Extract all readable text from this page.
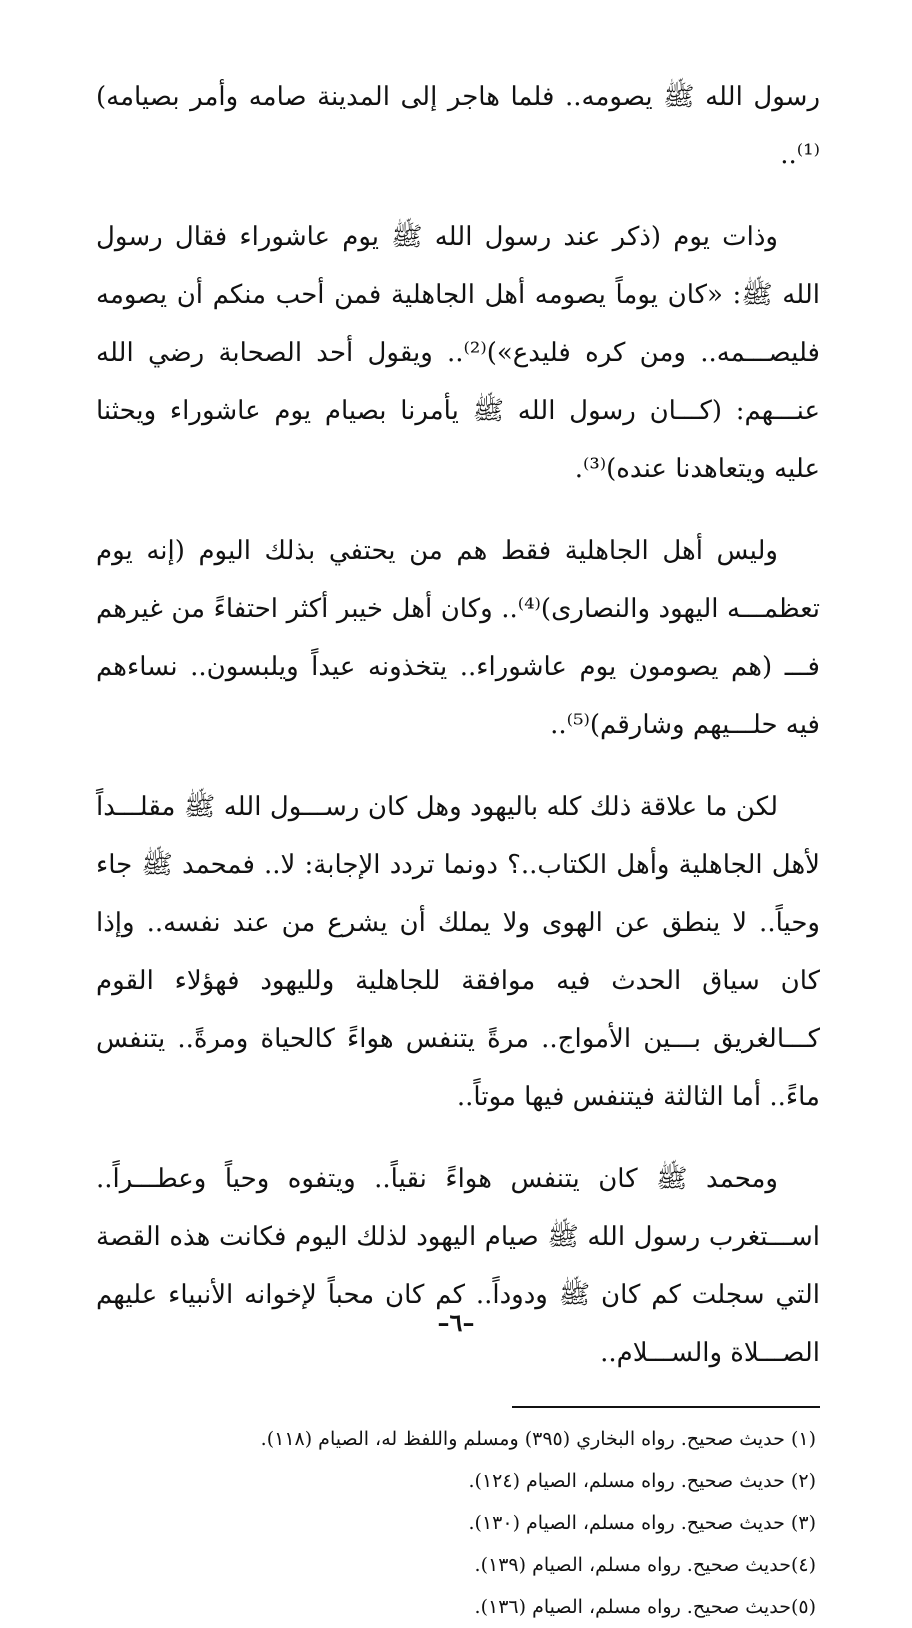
رسول الله ﷺ يصومه.. فلما هاجر إلى المدينة صامه وأمر بصيامه)⁽¹⁾..

وذات يوم (ذكر عند رسول الله ﷺ يوم عاشوراء فقال رسول الله ﷺ: «كان يوماً يصومه أهل الجاهلية فمن أحب منكم أن يصومه فليصـــمه.. ومن كره فليدع»)⁽²⁾.. ويقول أحد الصحابة رضي الله عنـــهم: (كـــان رسول الله ﷺ يأمرنا بصيام يوم عاشوراء ويحثنا عليه ويتعاهدنا عنده)⁽³⁾.

وليس أهل الجاهلية فقط هم من يحتفي بذلك اليوم (إنه يوم تعظمـــه اليهود والنصارى)⁽⁴⁾.. وكان أهل خيبر أكثر احتفاءً من غيرهم فـــ (هم يصومون يوم عاشوراء.. يتخذونه عيداً ويلبسون.. نساءهم فيه حلـــيهم وشارقم)⁽⁵⁾..

لكن ما علاقة ذلك كله باليهود وهل كان رســـول الله ﷺ مقلـــداً لأهل الجاهلية وأهل الكتاب..؟ دونما تردد الإجابة: لا.. فمحمد ﷺ جاء وحياً.. لا ينطق عن الهوى ولا يملك أن يشرع من عند نفسه.. وإذا كان سياق الحدث فيه موافقة للجاهلية ولليهود فهؤلاء القوم كـــالغريق بـــين الأمواج.. مرةً يتنفس هواءً كالحياة ومرةً.. يتنفس ماءً.. أما الثالثة فيتنفس فيها موتاً..

ومحمد ﷺ كان يتنفس هواءً نقياً.. ويتفوه وحياً وعطـــراً.. اســـتغرب رسول الله ﷺ صيام اليهود لذلك اليوم فكانت هذه القصة التي سجلت كم كان ﷺ ودوداً.. كم كان محباً لإخوانه الأنبياء عليهم الصـــلاة والســـلام..

(١) حديث صحيح. رواه البخاري (٣٩٥) ومسلم واللفظ له، الصيام (١١٨).
(٢) حديث صحيح. رواه مسلم، الصيام (١٢٤).
(٣) حديث صحيح. رواه مسلم، الصيام (١٣٠).
(٤)حديث صحيح. رواه مسلم، الصيام (١٣٩).
(٥)حديث صحيح. رواه مسلم، الصيام (١٣٦).
–٦–
